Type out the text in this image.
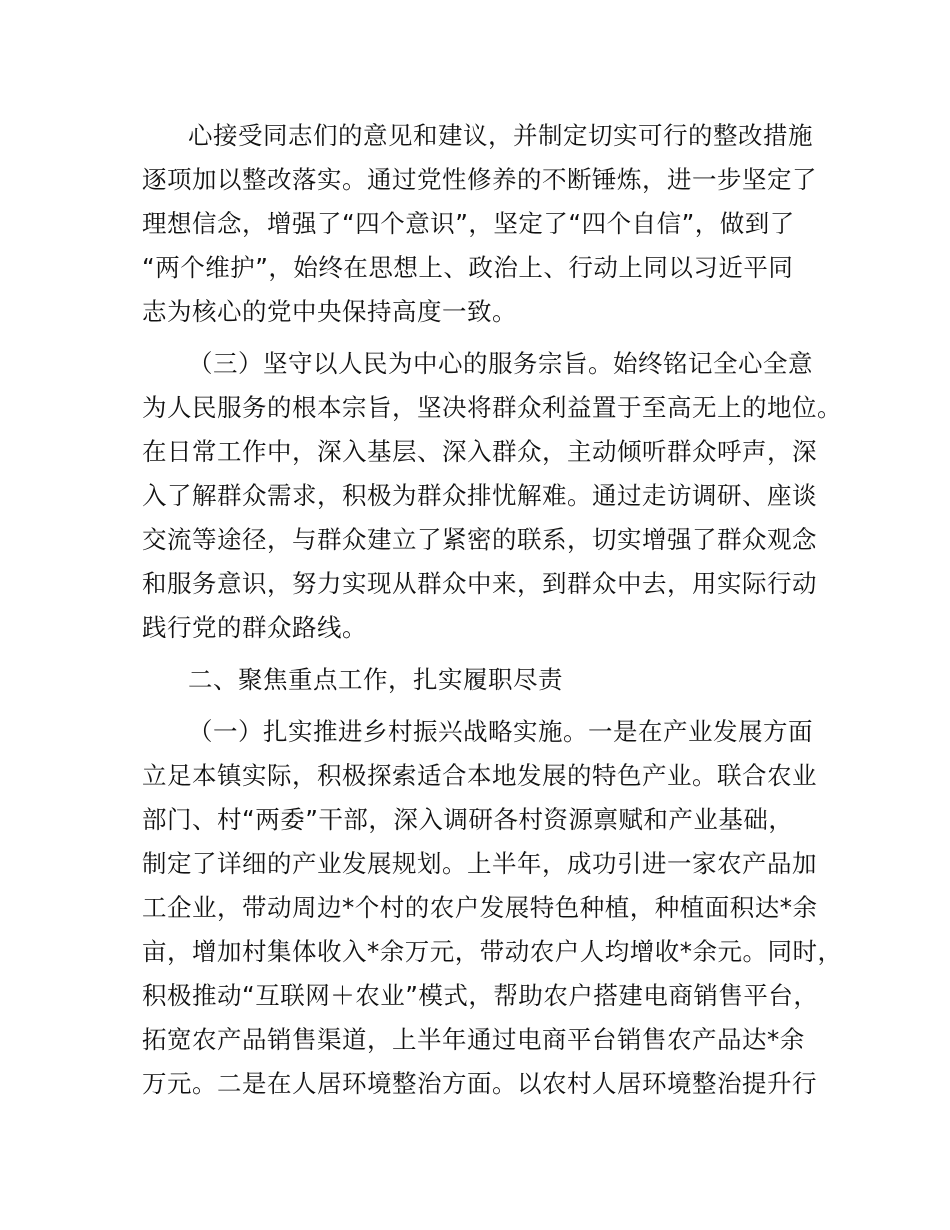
心接受同志们的意见和建议，并制定切实可行的整改措施
逐项加以整改落实。通过党性修养的不断锤炼，进一步坚定了
理想信念，增强了“四个意识”，坚定了“四个自信”，做到了
“两个维护”，始终在思想上、政治上、行动上同以习近平同
志为核心的党中央保持高度一致。
（三）坚守以人民为中心的服务宗旨。始终铭记全心全意
为人民服务的根本宗旨，坚决将群众利益置于至高无上的地位。
在日常工作中，深入基层、深入群众，主动倾听群众呼声，深
入了解群众需求，积极为群众排忧解难。通过走访调研、座谈
交流等途径，与群众建立了紧密的联系，切实增强了群众观念
和服务意识，努力实现从群众中来，到群众中去，用实际行动
践行党的群众路线。
二、聚焦重点工作，扎实履职尽责
（一）扎实推进乡村振兴战略实施。一是在产业发展方面
立足本镇实际，积极探索适合本地发展的特色产业。联合农业
部门、村“两委”干部，深入调研各村资源禀赋和产业基础，
制定了详细的产业发展规划。上半年，成功引进一家农产品加
工企业，带动周边*个村的农户发展特色种植，种植面积达*余
亩，增加村集体收入*余万元，带动农户人均增收*余元。同时，
积极推动“互联网＋农业”模式，帮助农户搭建电商销售平台，
拓宽农产品销售渠道，上半年通过电商平台销售农产品达*余
万元。二是在人居环境整治方面。以农村人居环境整治提升行
